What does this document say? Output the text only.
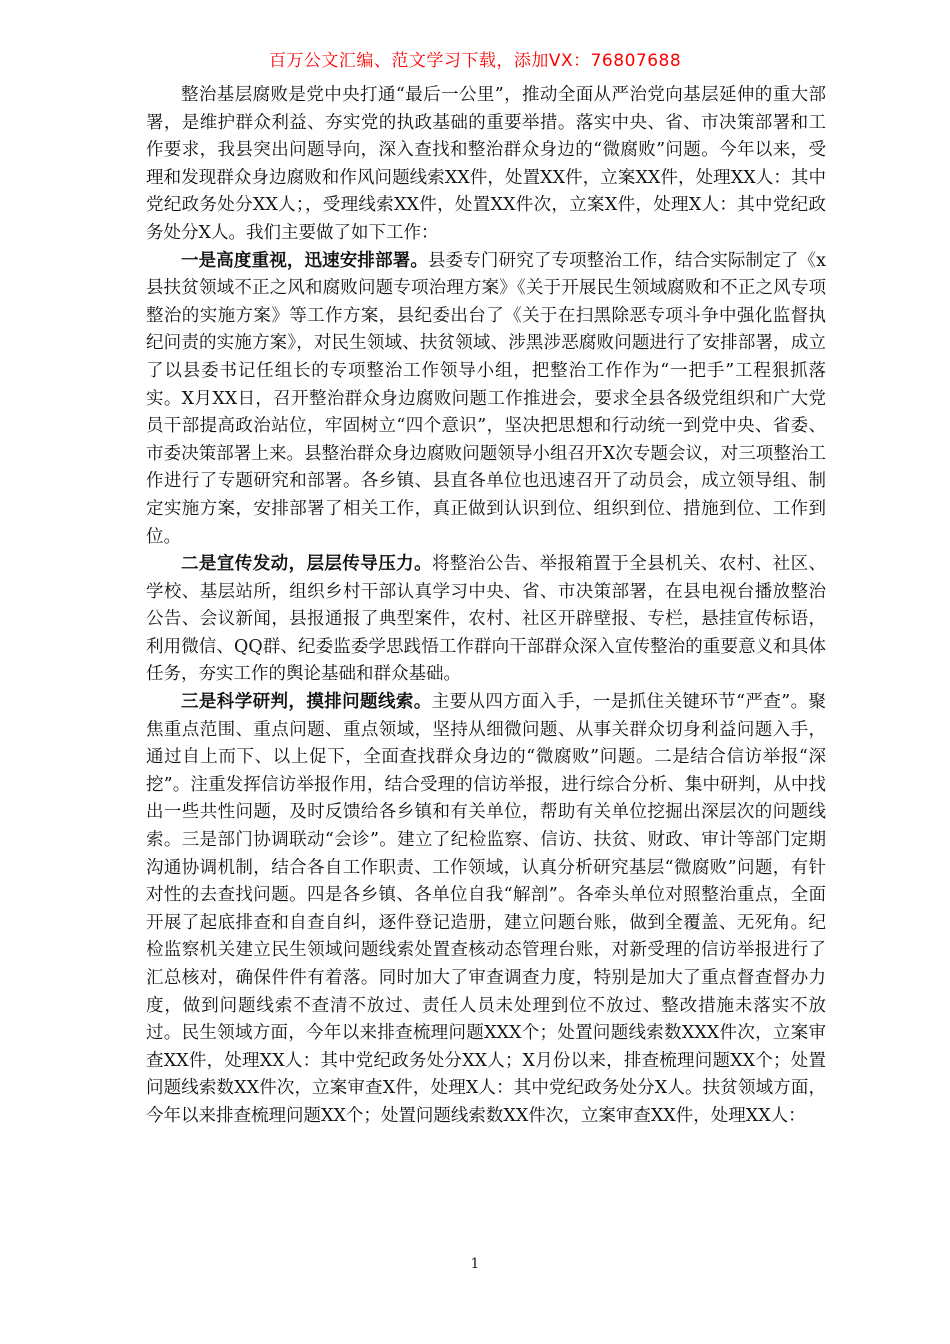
百万公文汇编、范文学习下载，添加VX：76807688

整治基层腐败是党中央打通“最后一公里”，推动全面从严治党向基层延伸的重大部署，是维护群众利益、夯实党的执政基础的重要举措。落实中央、省、市决策部署和工作要求，我县突出问题导向，深入查找和整治群众身边的“微腐败”问题。今年以来，受理和发现群众身边腐败和作风问题线索XX件，处置XX件，立案XX件，处理XX人：其中党纪政务处分XX人；，受理线索XX件，处置XX件次，立案X件，处理X人：其中党纪政务处分X人。我们主要做了如下工作：

一是高度重视，迅速安排部署。县委专门研究了专项整治工作，结合实际制定了《x县扶贫领域不正之风和腐败问题专项治理方案》《关于开展民生领域腐败和不正之风专项整治的实施方案》等工作方案，县纪委出台了《关于在扫黑除恶专项斗争中强化监督执纪问责的实施方案》，对民生领域、扶贫领域、涉黑涉恶腐败问题进行了安排部署，成立了以县委书记任组长的专项整治工作领导小组，把整治工作作为“一把手”工程狠抓落实。X月XX日，召开整治群众身边腐败问题工作推进会，要求全县各级党组织和广大党员干部提高政治站位，牢固树立“四个意识”，坚决把思想和行动统一到党中央、省委、市委决策部署上来。县整治群众身边腐败问题领导小组召开X次专题会议，对三项整治工作进行了专题研究和部署。各乡镇、县直各单位也迅速召开了动员会，成立领导组、制定实施方案，安排部署了相关工作，真正做到认识到位、组织到位、措施到位、工作到位。

二是宣传发动，层层传导压力。将整治公告、举报箱置于全县机关、农村、社区、学校、基层站所，组织乡村干部认真学习中央、省、市决策部署，在县电视台播放整治公告、会议新闻，县报通报了典型案件，农村、社区开辟壁报、专栏，悬挂宣传标语，利用微信、QQ群、纪委监委学思践悟工作群向干部群众深入宣传整治的重要意义和具体任务，夯实工作的舆论基础和群众基础。

三是科学研判，摸排问题线索。主要从四方面入手，一是抓住关键环节“严查”。聚焦重点范围、重点问题、重点领域，坚持从细微问题、从事关群众切身利益问题入手，通过自上而下、以上促下，全面查找群众身边的“微腐败”问题。二是结合信访举报“深挖”。注重发挥信访举报作用，结合受理的信访举报，进行综合分析、集中研判，从中找出一些共性问题，及时反馈给各乡镇和有关单位，帮助有关单位挖掘出深层次的问题线索。三是部门协调联动“会诊”。建立了纪检监察、信访、扶贫、财政、审计等部门定期沟通协调机制，结合各自工作职责、工作领域，认真分析研究基层“微腐败”问题，有针对性的去查找问题。四是各乡镇、各单位自我“解剖”。各牵头单位对照整治重点，全面开展了起底排查和自查自纠，逐件登记造册，建立问题台账，做到全覆盖、无死角。纪检监察机关建立民生领域问题线索处置查核动态管理台账，对新受理的信访举报进行了汇总核对，确保件件有着落。同时加大了审查调查力度，特别是加大了重点督查督办力度，做到问题线索不查清不放过、责任人员未处理到位不放过、整改措施未落实不放过。民生领域方面，今年以来排查梳理问题XXX个；处置问题线索数XXX件次，立案审查XX件，处理XX人：其中党纪政务处分XX人；X月份以来，排查梳理问题XX个；处置问题线索数XX件次，立案审查X件，处理X人：其中党纪政务处分X人。扶贫领域方面，今年以来排查梳理问题XX个；处置问题线索数XX件次，立案审查XX件，处理XX人：

1
